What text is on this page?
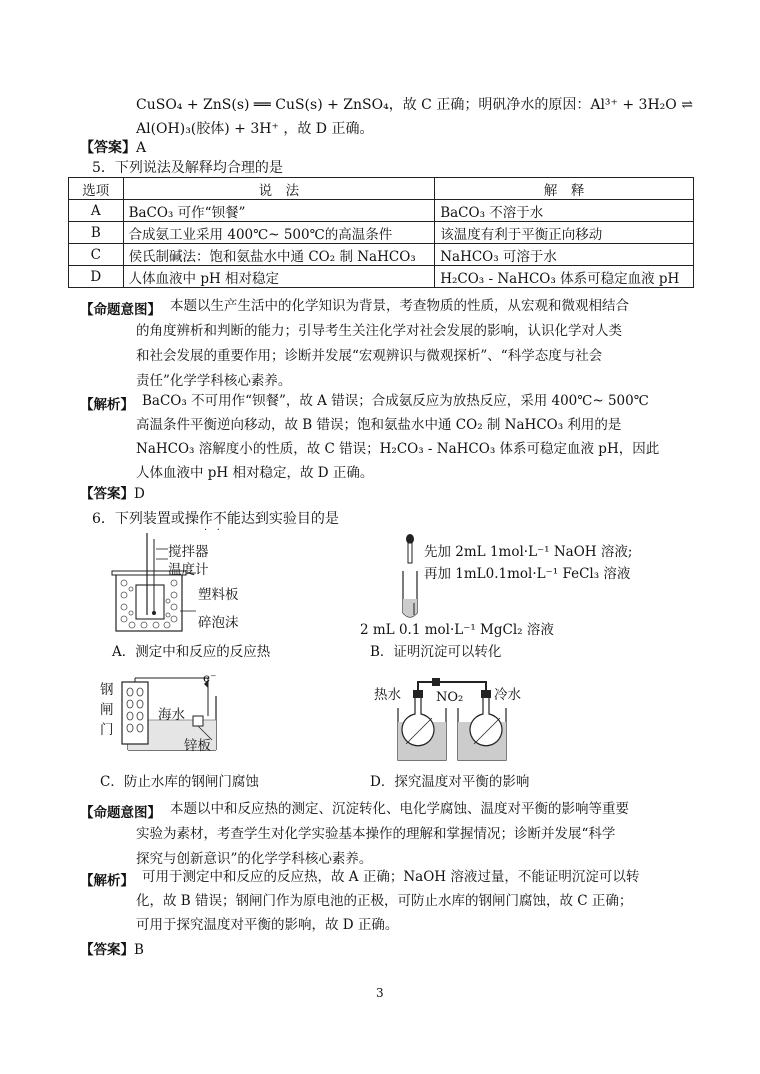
CuSO₄ + ZnS(s) ══ CuS(s) + ZnSO₄，故 C 正确；明矾净水的原因：Al³⁺ + 3H₂O ⇌
Al(OH)₃(胶体) + 3H⁺ ，故 D 正确。
【答案】A
5．下列说法及解释均合理的是
选项	说　法	解　释
A	BaCO₃ 可作“钡餐”	BaCO₃ 不溶于水
B	合成氨工业采用 400℃~ 500℃的高温条件	该温度有利于平衡正向移动
C	侯氏制碱法：饱和氨盐水中通 CO₂ 制 NaHCO₃	NaHCO₃ 可溶于水
D	人体血液中 pH 相对稳定	H₂CO₃ - NaHCO₃ 体系可稳定血液 pH
【命题意图】 本题以生产生活中的化学知识为背景，考查物质的性质，从宏观和微观相结合
的角度辨析和判断的能力；引导考生关注化学对社会发展的影响，认识化学对人类
和社会发展的重要作用；诊断并发展“宏观辨识与微观探析”、“科学态度与社会
责任”化学学科核心素养。
【解析】 BaCO₃ 不可用作“钡餐”，故 A 错误；合成氨反应为放热反应，采用 400℃~ 500℃
高温条件平衡逆向移动，故 B 错误；饱和氨盐水中通 CO₂ 制 NaHCO₃ 利用的是
NaHCO₃ 溶解度小的性质，故 C 错误；H₂CO₃ - NaHCO₃ 体系可稳定血液 pH，因此
人体血液中 pH 相对稳定，故 D 正确。
【答案】D
6．下列装置或操作不能达到实验目的是
·   ·
搅拌器
温度计
塑料板
碎泡沫
A．测定中和反应的反应热
先加 2mL 1mol·L⁻¹ NaOH 溶液;
再加 1mL0.1mol·L⁻¹ FeCl₃ 溶液
2 mL 0.1 mol·L⁻¹ MgCl₂ 溶液
B．证明沉淀可以转化
钢
闸
门
e⁻
海水
锌板
C．防止水库的钢闸门腐蚀
热水	NO₂ 冷水
D．探究温度对平衡的影响
【命题意图】 本题以中和反应热的测定、沉淀转化、电化学腐蚀、温度对平衡的影响等重要
实验为素材，考查学生对化学实验基本操作的理解和掌握情况；诊断并发展“科学
探究与创新意识”的化学学科核心素养。
【解析】 可用于测定中和反应的反应热，故 A 正确；NaOH 溶液过量，不能证明沉淀可以转
化，故 B 错误；钢闸门作为原电池的正极，可防止水库的钢闸门腐蚀，故 C 正确；
可用于探究温度对平衡的影响，故 D 正确。
【答案】B
3
